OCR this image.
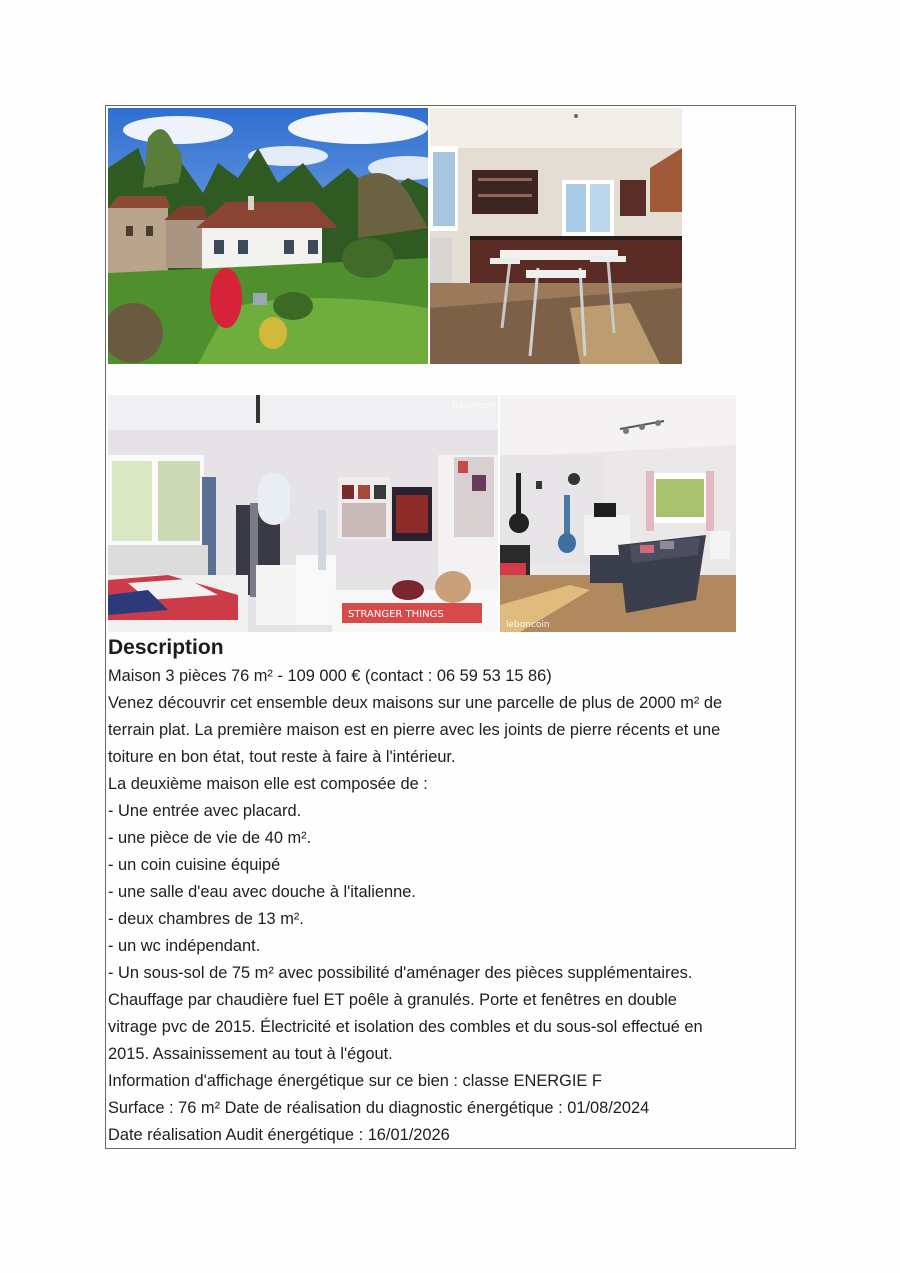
STRANGER THINGS
leboncoin
leboncoin
Description

Maison 3 pièces 76 m² - 109 000 € (contact : 06 59 53 15 86)

Venez découvrir cet ensemble deux maisons sur une parcelle de plus de 2000 m² de

terrain plat. La première maison est en pierre avec les joints de pierre récents et une

toiture en bon état, tout reste à faire à l'intérieur.

La deuxième maison elle est composée de :

- Une entrée avec placard.

- une pièce de vie de 40 m².

- un coin cuisine équipé

- une salle d'eau avec douche à l'italienne.

- deux chambres de 13 m².

- un wc indépendant.

- Un sous-sol de 75 m² avec possibilité d'aménager des pièces supplémentaires.

Chauffage par chaudière fuel ET poêle à granulés. Porte et fenêtres en double

vitrage pvc de 2015. Électricité et isolation des combles et du sous-sol effectué en

2015. Assainissement au tout à l'égout.

Information d'affichage énergétique sur ce bien : classe ENERGIE F

Surface : 76 m² Date de réalisation du diagnostic énergétique : 01/08/2024

Date réalisation Audit énergétique : 16/01/2026
